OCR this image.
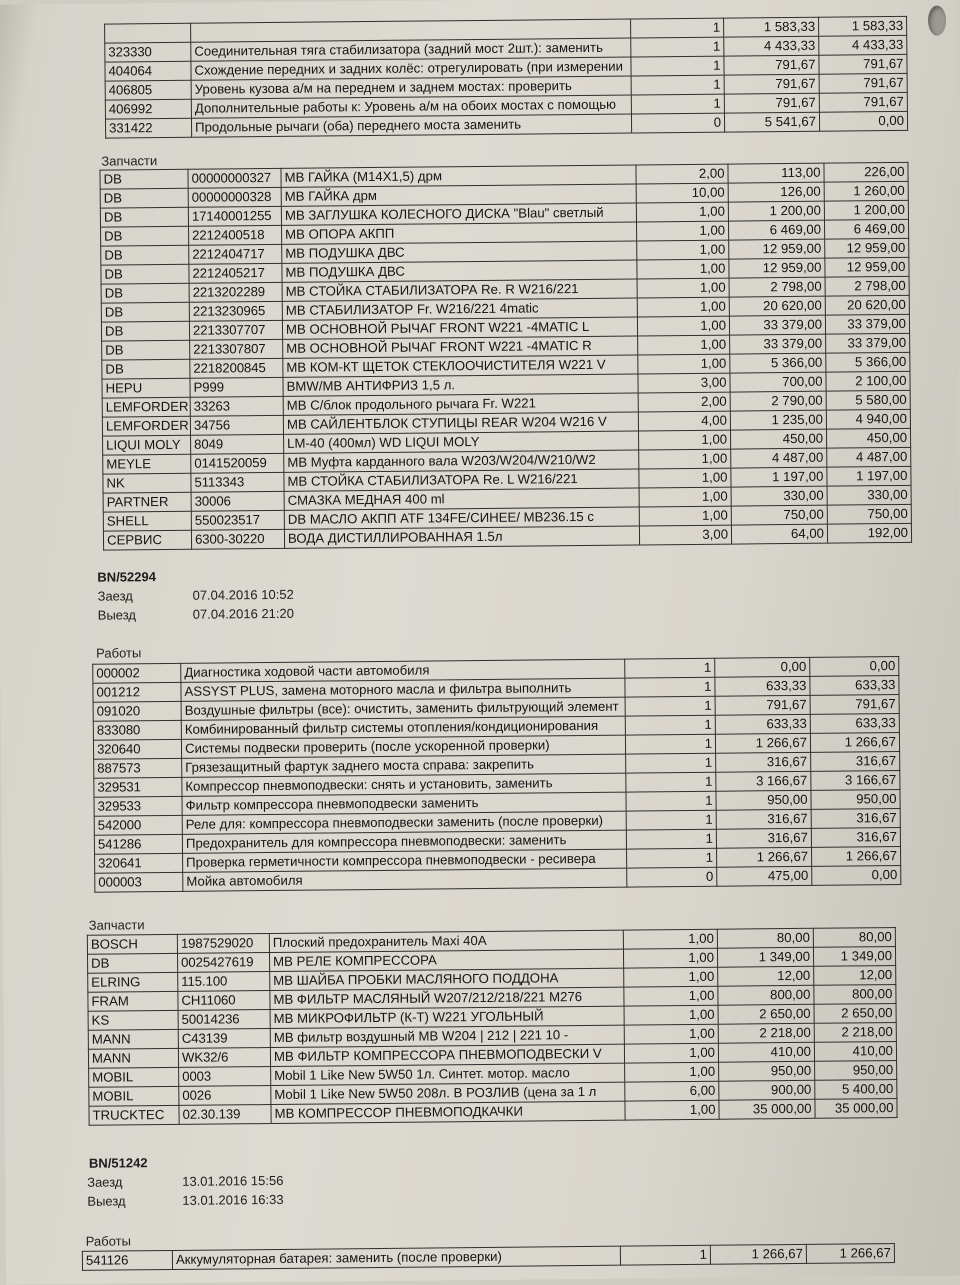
		1	1 583,33	1 583,33
323330	Соединительная тяга стабилизатора (задний мост 2шт.): заменить	1	4 433,33	4 433,33
404064	Схождение передних и задних колёс: отрегулировать (при измерении	1	791,67	791,67
406805	Уровень кузова а/м на переднем и заднем мостах: проверить	1	791,67	791,67
406992	Дополнительные работы к: Уровень а/м на обоих мостах с помощью	1	791,67	791,67
331422	Продольные рычаги (оба) переднего моста заменить	0	5 541,67	0,00
Запчасти
DB	00000000327	MB ГАЙКА (M14X1,5) дрм	2,00	113,00	226,00
DB	00000000328	MB ГАЙКА дрм	10,00	126,00	1 260,00
DB	17140001255	MB ЗАГЛУШКА КОЛЕСНОГО ДИСКА "Blau" светлый	1,00	1 200,00	1 200,00
DB	2212400518	MB ОПОРА АКПП	1,00	6 469,00	6 469,00
DB	2212404717	MB ПОДУШКА ДВС	1,00	12 959,00	12 959,00
DB	2212405217	MB ПОДУШКА ДВС	1,00	12 959,00	12 959,00
DB	2213202289	MB СТОЙКА СТАБИЛИЗАТОРА Re. R W216/221	1,00	2 798,00	2 798,00
DB	2213230965	MB СТАБИЛИЗАТОР Fr. W216/221 4matic	1,00	20 620,00	20 620,00
DB	2213307707	MB ОСНОВНОЙ РЫЧАГ FRONT W221 -4MATIC L	1,00	33 379,00	33 379,00
DB	2213307807	MB ОСНОВНОЙ РЫЧАГ FRONT W221 -4MATIC R	1,00	33 379,00	33 379,00
DB	2218200845	MB КОМ-КТ ЩЕТОК СТЕКЛООЧИСТИТЕЛЯ W221 V	1,00	5 366,00	5 366,00
HEPU	P999	BMW/MB АНТИФРИЗ 1,5 л.	3,00	700,00	2 100,00
LEMFORDER	33263	MB С/блок продольного рычага Fr. W221	2,00	2 790,00	5 580,00
LEMFORDER	34756	MB САЙЛЕНТБЛОК СТУПИЦЫ REAR W204 W216 V	4,00	1 235,00	4 940,00
LIQUI MOLY	8049	LM-40 (400мл) WD LIQUI MOLY	1,00	450,00	450,00
MEYLE	0141520059	MB Муфта карданного вала W203/W204/W210/W2	1,00	4 487,00	4 487,00
NK	5113343	MB СТОЙКА СТАБИЛИЗАТОРА Re. L W216/221	1,00	1 197,00	1 197,00
PARTNER	30006	СМАЗКА МЕДНАЯ 400 ml	1,00	330,00	330,00
SHELL	550023517	DB МАСЛО АКПП ATF 134FE/СИНЕЕ/ MB236.15 c	1,00	750,00	750,00
СЕРВИС	6300-30220	ВОДА ДИСТИЛЛИРОВАННАЯ 1.5л	3,00	64,00	192,00
BN/52294
Заезд	07.04.2016 10:52
Выезд	07.04.2016 21:20
Работы
000002	Диагностика ходовой части автомобиля	1	0,00	0,00
001212	ASSYST PLUS, замена моторного масла и фильтра выполнить	1	633,33	633,33
091020	Воздушные фильтры (все): очистить, заменить фильтрующий элемент	1	791,67	791,67
833080	Комбинированный фильтр системы отопления/кондиционирования	1	633,33	633,33
320640	Системы подвески проверить (после ускоренной проверки)	1	1 266,67	1 266,67
887573	Грязезащитный фартук заднего моста справа: закрепить	1	316,67	316,67
329531	Компрессор пневмоподвески: снять и установить, заменить	1	3 166,67	3 166,67
329533	Фильтр компрессора пневмоподвески заменить	1	950,00	950,00
542000	Реле для: компрессора пневмоподвески заменить (после проверки)	1	316,67	316,67
541286	Предохранитель для компрессора пневмоподвески: заменить	1	316,67	316,67
320641	Проверка герметичности компрессора пневмоподвески - ресивера	1	1 266,67	1 266,67
000003	Мойка автомобиля	0	475,00	0,00
Запчасти
BOSCH	1987529020	Плоский предохранитель Maxi 40A	1,00	80,00	80,00
DB	0025427619	MB РЕЛЕ КОМПРЕССОРА	1,00	1 349,00	1 349,00
ELRING	115.100	MB ШАЙБА ПРОБКИ МАСЛЯНОГО ПОДДОНА	1,00	12,00	12,00
FRAM	CH11060	MB ФИЛЬТР МАСЛЯНЫЙ W207/212/218/221 M276	1,00	800,00	800,00
KS	50014236	MB МИКРОФИЛЬТР (К-Т) W221 УГОЛЬНЫЙ	1,00	2 650,00	2 650,00
MANN	C43139	MB фильтр воздушный MB W204 | 212 | 221 10 -	1,00	2 218,00	2 218,00
MANN	WK32/6	MB ФИЛЬТР КОМПРЕССОРА ПНЕВМОПОДВЕСКИ V	1,00	410,00	410,00
MOBIL	0003	Mobil 1 Like New 5W50 1л. Синтет. мотор. масло	1,00	950,00	950,00
MOBIL	0026	Mobil 1 Like New 5W50 208л. В РОЗЛИВ (цена за 1 л	6,00	900,00	5 400,00
TRUCKTEC	02.30.139	MB КОМПРЕССОР ПНЕВМОПОДКАЧКИ	1,00	35 000,00	35 000,00
BN/51242
Заезд	13.01.2016 15:56
Выезд	13.01.2016 16:33
Работы
541126	Аккумуляторная батарея: заменить (после проверки)	1	1 266,67	1 266,67
